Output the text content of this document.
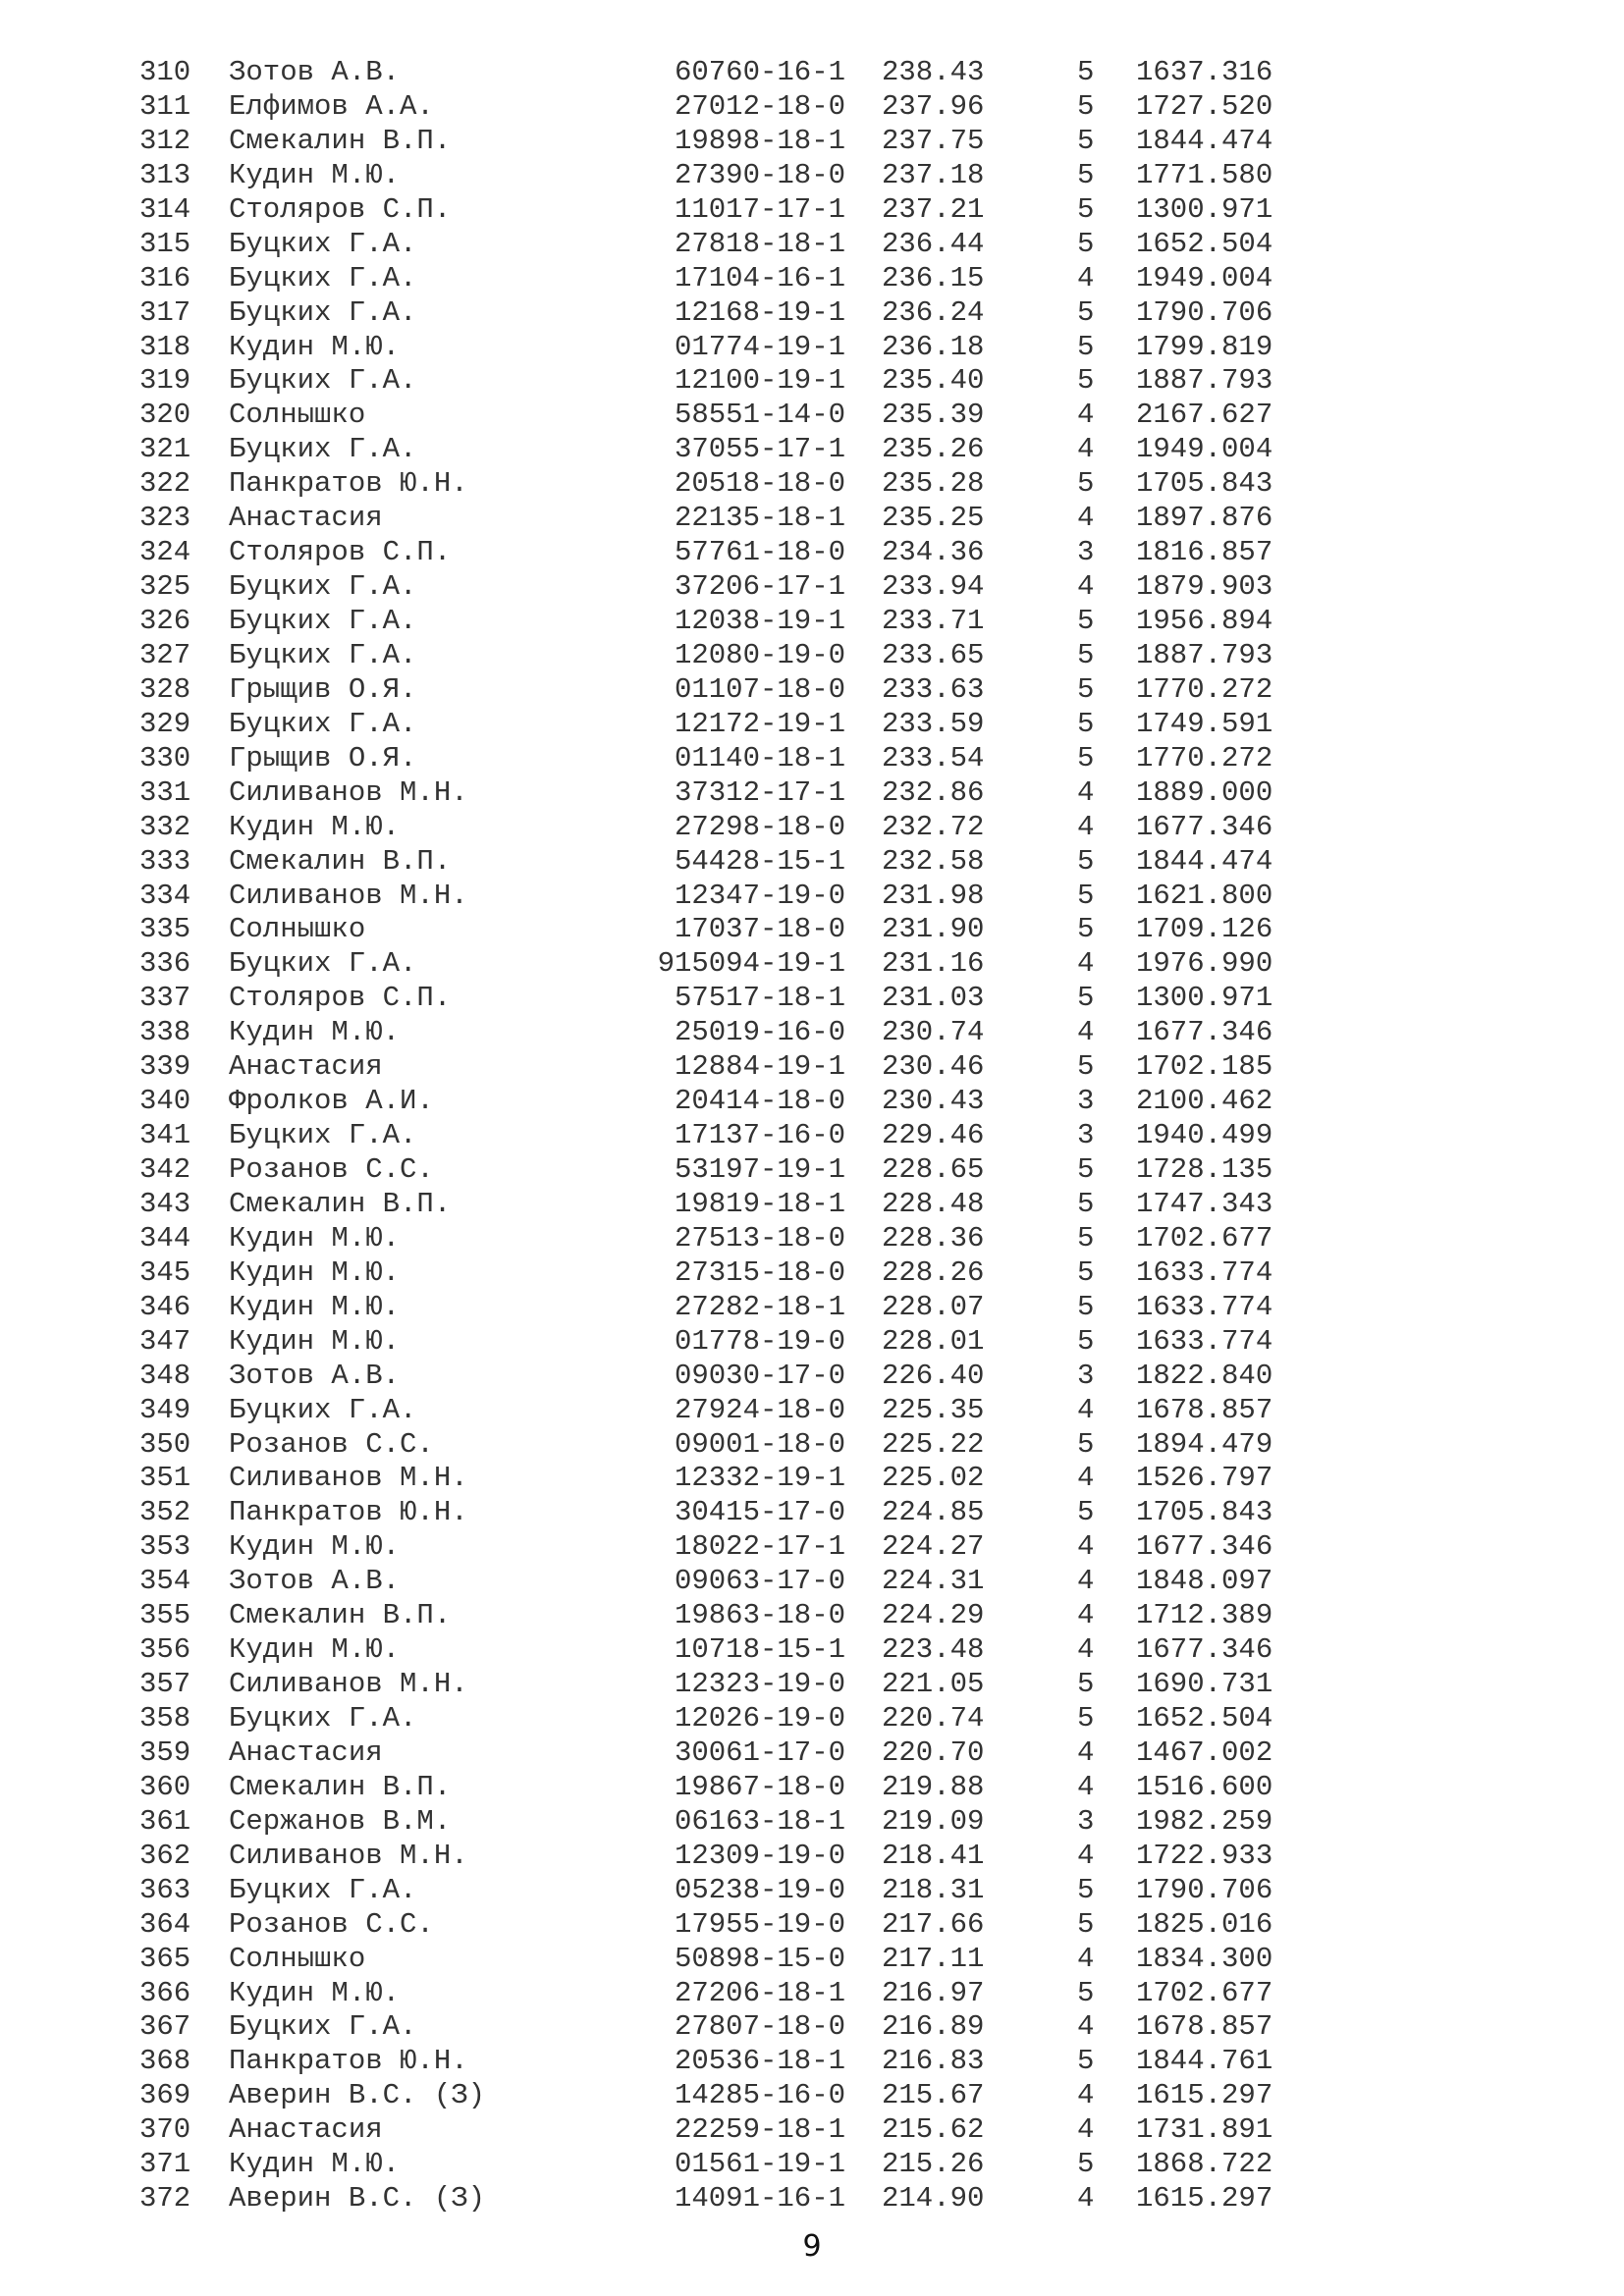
310 Зотов А.В.	60760-16-1 238.43	5 1637.316
311 Елфимов А.А.	27012-18-0 237.96	5 1727.520
312 Смекалин В.П.	19898-18-1 237.75	5 1844.474
313 Кудин М.Ю.	27390-18-0 237.18	5 1771.580
314 Столяров С.П.	11017-17-1 237.21	5 1300.971
315 Буцких Г.А.	27818-18-1 236.44	5 1652.504
316 Буцких Г.А.	17104-16-1 236.15	4 1949.004
317 Буцких Г.А.	12168-19-1 236.24	5 1790.706
318 Кудин М.Ю.	01774-19-1 236.18	5 1799.819
319 Буцких Г.А.	12100-19-1 235.40	5 1887.793
320 Солнышко	58551-14-0 235.39	4 2167.627
321 Буцких Г.А.	37055-17-1 235.26	4 1949.004
322 Панкратов Ю.Н.	20518-18-0 235.28	5 1705.843
323 Анастасия	22135-18-1 235.25	4 1897.876
324 Столяров С.П.	57761-18-0 234.36	3 1816.857
325 Буцких Г.А.	37206-17-1 233.94	4 1879.903
326 Буцких Г.А.	12038-19-1 233.71	5 1956.894
327 Буцких Г.А.	12080-19-0 233.65	5 1887.793
328 Грыщив О.Я.	01107-18-0 233.63	5 1770.272
329 Буцких Г.А.	12172-19-1 233.59	5 1749.591
330 Грыщив О.Я.	01140-18-1 233.54	5 1770.272
331 Силиванов М.Н.	37312-17-1 232.86	4 1889.000
332 Кудин М.Ю.	27298-18-0 232.72	4 1677.346
333 Смекалин В.П.	54428-15-1 232.58	5 1844.474
334 Силиванов М.Н.	12347-19-0 231.98	5 1621.800
335 Солнышко	17037-18-0 231.90	5 1709.126
336 Буцких Г.А.	915094-19-1 231.16	4 1976.990
337 Столяров С.П.	57517-18-1 231.03	5 1300.971
338 Кудин М.Ю.	25019-16-0 230.74	4 1677.346
339 Анастасия	12884-19-1 230.46	5 1702.185
340 Фролков А.И.	20414-18-0 230.43	3 2100.462
341 Буцких Г.А.	17137-16-0 229.46	3 1940.499
342 Розанов С.С.	53197-19-1 228.65	5 1728.135
343 Смекалин В.П.	19819-18-1 228.48	5 1747.343
344 Кудин М.Ю.	27513-18-0 228.36	5 1702.677
345 Кудин М.Ю.	27315-18-0 228.26	5 1633.774
346 Кудин М.Ю.	27282-18-1 228.07	5 1633.774
347 Кудин М.Ю.	01778-19-0 228.01	5 1633.774
348 Зотов А.В.	09030-17-0 226.40	3 1822.840
349 Буцких Г.А.	27924-18-0 225.35	4 1678.857
350 Розанов С.С.	09001-18-0 225.22	5 1894.479
351 Силиванов М.Н.	12332-19-1 225.02	4 1526.797
352 Панкратов Ю.Н.	30415-17-0 224.85	5 1705.843
353 Кудин М.Ю.	18022-17-1 224.27	4 1677.346
354 Зотов А.В.	09063-17-0 224.31	4 1848.097
355 Смекалин В.П.	19863-18-0 224.29	4 1712.389
356 Кудин М.Ю.	10718-15-1 223.48	4 1677.346
357 Силиванов М.Н.	12323-19-0 221.05	5 1690.731
358 Буцких Г.А.	12026-19-0 220.74	5 1652.504
359 Анастасия	30061-17-0 220.70	4 1467.002
360 Смекалин В.П.	19867-18-0 219.88	4 1516.600
361 Сержанов В.М.	06163-18-1 219.09	3 1982.259
362 Силиванов М.Н.	12309-19-0 218.41	4 1722.933
363 Буцких Г.А.	05238-19-0 218.31	5 1790.706
364 Розанов С.С.	17955-19-0 217.66	5 1825.016
365 Солнышко	50898-15-0 217.11	4 1834.300
366 Кудин М.Ю.	27206-18-1 216.97	5 1702.677
367 Буцких Г.А.	27807-18-0 216.89	4 1678.857
368 Панкратов Ю.Н.	20536-18-1 216.83	5 1844.761
369 Аверин В.С. (З)	14285-16-0 215.67	4 1615.297
370 Анастасия	22259-18-1 215.62	4 1731.891
371 Кудин М.Ю.	01561-19-1 215.26	5 1868.722
372 Аверин В.С. (З)	14091-16-1 214.90	4 1615.297
9
